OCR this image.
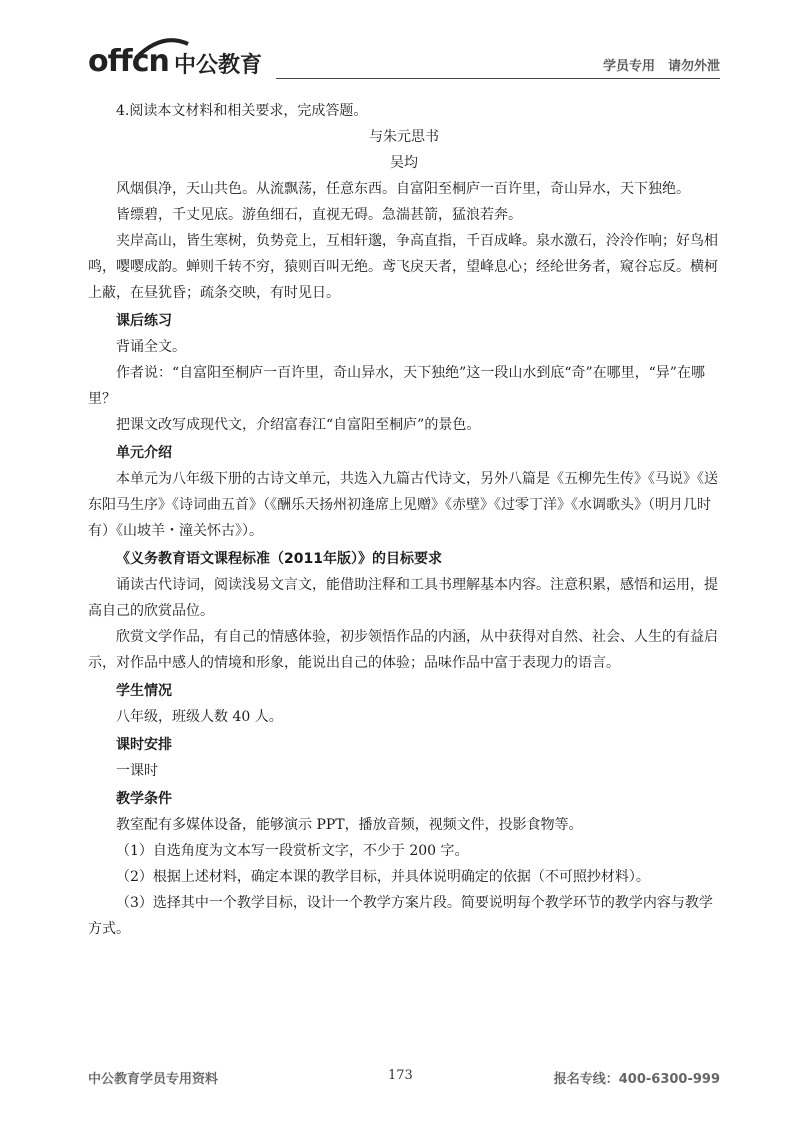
offcn 中公教育	学员专用　请勿外泄

4.阅读本文材料和相关要求，完成答题。

与朱元思书

吴均

风烟俱净，天山共色。从流飘荡，任意东西。自富阳至桐庐一百许里，奇山异水，天下独绝。

皆缥碧，千丈见底。游鱼细石，直视无碍。急湍甚箭，猛浪若奔。

夹岸高山，皆生寒树，负势竞上，互相轩邈，争高直指，千百成峰。泉水激石，泠泠作响；好鸟相鸣，嘤嘤成韵。蝉则千转不穷，猿则百叫无绝。鸢飞戾天者，望峰息心；经纶世务者，窥谷忘反。横柯上蔽，在昼犹昏；疏条交映，有时见日。

课后练习

背诵全文。

作者说：“自富阳至桐庐一百许里，奇山异水，天下独绝”这一段山水到底“奇”在哪里，“异”在哪里？

把课文改写成现代文，介绍富春江“自富阳至桐庐”的景色。

单元介绍

本单元为八年级下册的古诗文单元，共选入九篇古代诗文，另外八篇是《五柳先生传》《马说》《送东阳马生序》《诗词曲五首》（《酬乐天扬州初逢席上见赠》《赤壁》《过零丁洋》《水调歌头》（明月几时有）《山坡羊・潼关怀古》）。

《义务教育语文课程标准（2011年版）》的目标要求

诵读古代诗词，阅读浅易文言文，能借助注释和工具书理解基本内容。注意积累，感悟和运用，提高自己的欣赏品位。

欣赏文学作品，有自己的情感体验，初步领悟作品的内涵，从中获得对自然、社会、人生的有益启示，对作品中感人的情境和形象，能说出自己的体验；品味作品中富于表现力的语言。

学生情况

八年级，班级人数 40 人。

课时安排

一课时

教学条件

教室配有多媒体设备，能够演示 PPT，播放音频，视频文件，投影食物等。

（1）自选角度为文本写一段赏析文字，不少于 200 字。

（2）根据上述材料，确定本课的教学目标，并具体说明确定的依据（不可照抄材料）。

（3）选择其中一个教学目标，设计一个教学方案片段。简要说明每个教学环节的教学内容与教学方式。

中公教育学员专用资料	173	报名专线：400-6300-999
